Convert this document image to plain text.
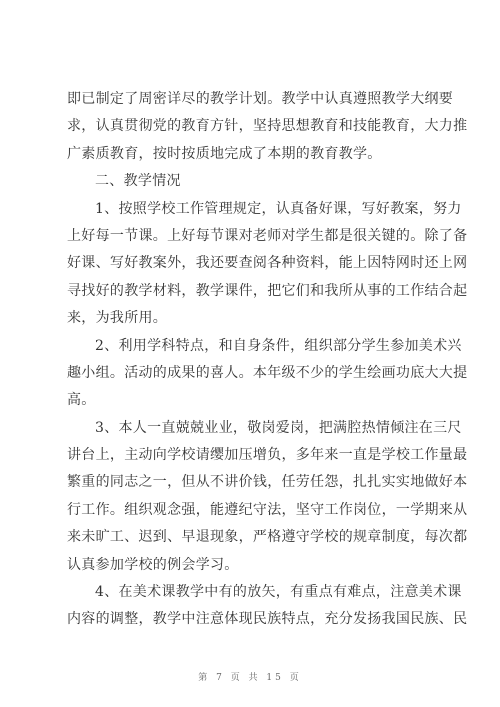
即已制定了周密详尽的教学计划。教学中认真遵照教学大纲要
求，认真贯彻党的教育方针，坚持思想教育和技能教育，大力推
广素质教育，按时按质地完成了本期的教育教学。
二、教学情况
1、按照学校工作管理规定，认真备好课，写好教案，努力
上好每一节课。上好每节课对老师对学生都是很关键的。除了备
好课、写好教案外，我还要查阅各种资料，能上因特网时还上网
寻找好的教学材料，教学课件，把它们和我所从事的工作结合起
来，为我所用。
2、利用学科特点，和自身条件，组织部分学生参加美术兴
趣小组。活动的成果的喜人。本年级不少的学生绘画功底大大提
高。
3、本人一直兢兢业业，敬岗爱岗，把满腔热情倾注在三尺
讲台上，主动向学校请缨加压增负，多年来一直是学校工作量最
繁重的同志之一，但从不讲价钱，任劳任怨，扎扎实实地做好本
行工作。组织观念强，能遵纪守法，坚守工作岗位，一学期来从
来未旷工、迟到、早退现象，严格遵守学校的规章制度，每次都
认真参加学校的例会学习。
4、在美术课教学中有的放矢，有重点有难点，注意美术课
内容的调整，教学中注意体现民族特点，充分发扬我国民族、民
第 7 页 共 15 页
